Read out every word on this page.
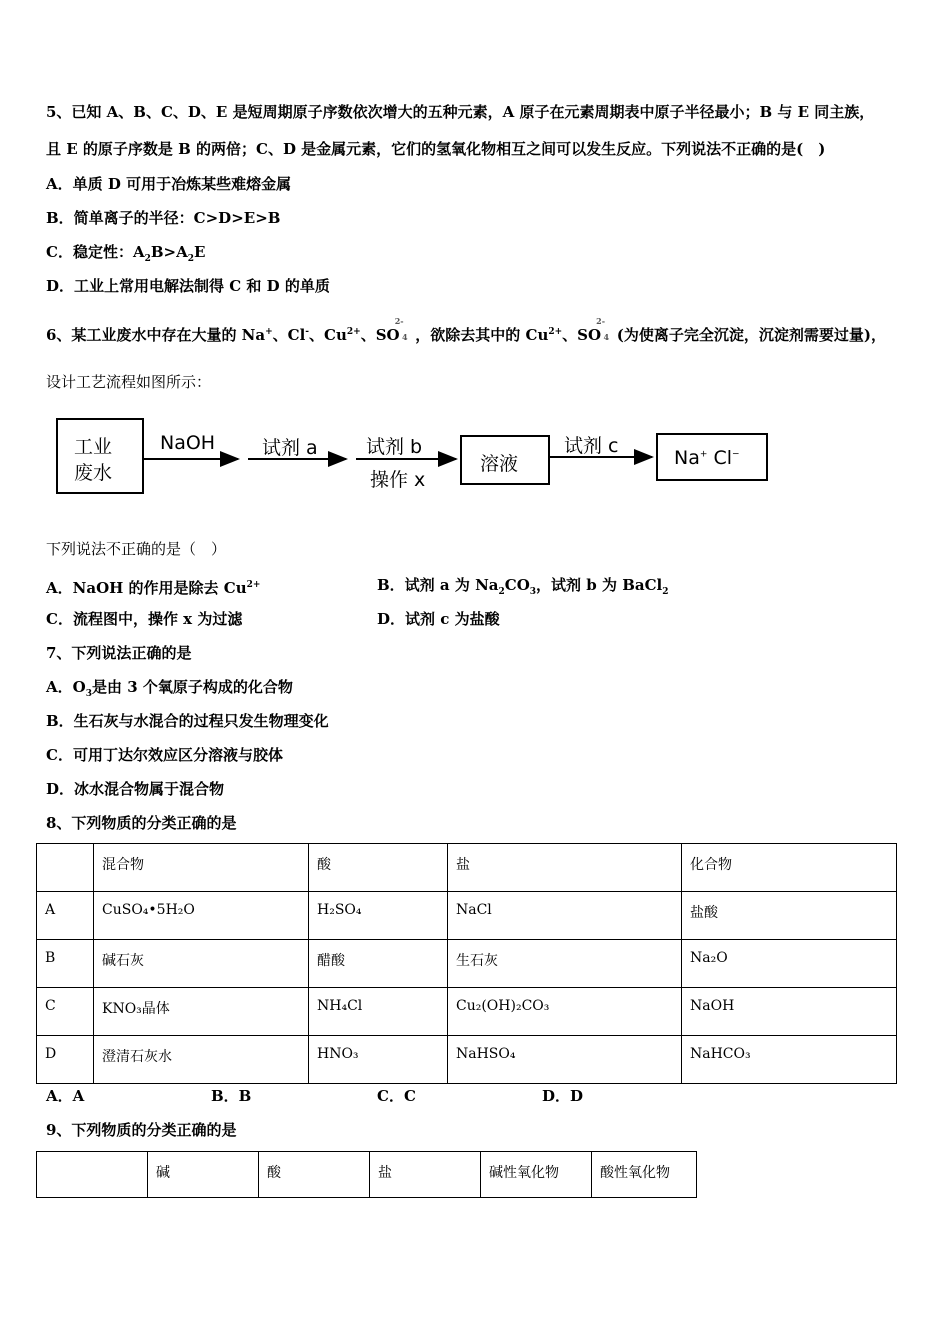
5、已知 A、B、C、D、E 是短周期原子序数依次增大的五种元素，A 原子在元素周期表中原子半径最小；B 与 E 同主族，
且 E 的原子序数是 B 的两倍；C、D 是金属元素，它们的氢氧化物相互之间可以发生反应。下列说法不正确的是(　)
A．单质 D 可用于冶炼某些难熔金属
B．简单离子的半径：C>D>E>B
C．稳定性：$A_2B>A_2E$
D．工业上常用电解法制得 C 和 D 的单质
6、某工业废水中存在大量的 Na+、Cl-、$Cu^{2+}$、SO
2-
4 ，欲除去其中的 $Cu^{2+}$、SO
2-
4 (为使离子完全沉淀，沉淀剂需要过量)，
设计工艺流程如图所示：
工业
废水
NaOH 试剂 a	试剂 b
操作 x
溶液
试剂 c
Na+ Cl−
下列说法不正确的是（　）
A．NaOH 的作用是除去 $Cu^{2+}$	B．试剂 a 为 $Na_2CO_3$，试剂 b 为 BaCl$_2$
C．流程图中，操作 x 为过滤	D．试剂 c 为盐酸
7、下列说法正确的是
A．$O_3$是由 3 个氧原子构成的化合物
B．生石灰与水混合的过程只发生物理变化
C．可用丁达尔效应区分溶液与胶体
D．冰水混合物属于混合物
8、下列物质的分类正确的是
	混合物	酸	盐	化合物
A	CuSO₄•5H₂O	H₂SO₄	NaCl	盐酸
B	碱石灰	醋酸	生石灰	Na₂O
C	KNO₃晶体	NH₄Cl	Cu₂(OH)₂CO₃	NaOH
D	澄清石灰水	HNO₃	NaHSO₄	NaHCO₃
A．A	B．B	C．C	D．D
9、下列物质的分类正确的是
	碱	酸	盐	碱性氧化物	酸性氧化物
